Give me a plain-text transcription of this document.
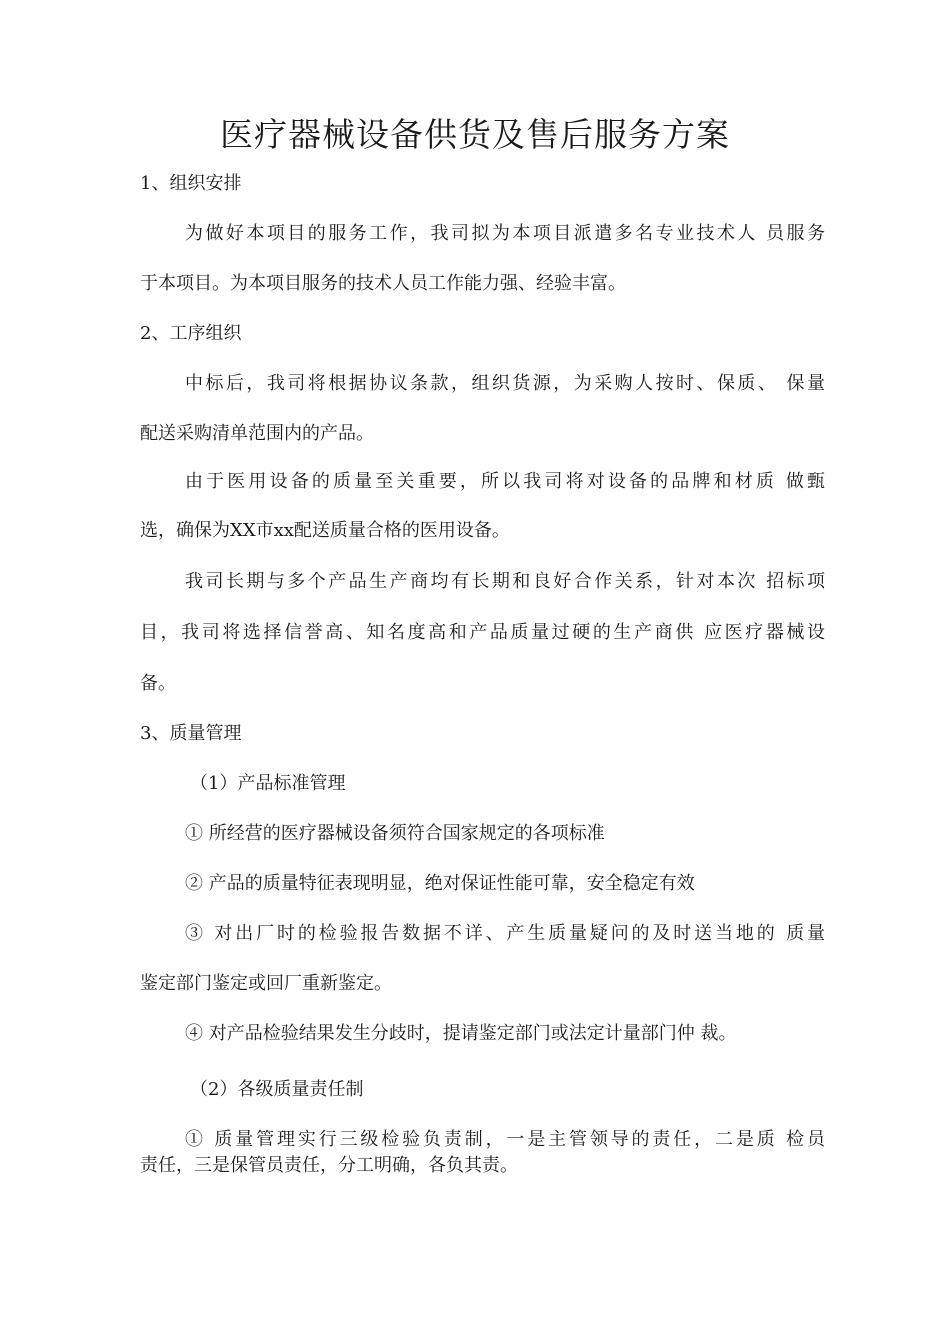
医疗器械设备供货及售后服务方案

1、组织安排

为做好本项目的服务工作，我司拟为本项目派遣多名专业技术人 员服务

于本项目。为本项目服务的技术人员工作能力强、经验丰富。

2、工序组织

中标后，我司将根据协议条款，组织货源，为采购人按时、保质、 保量

配送采购清单范围内的产品。

由于医用设备的质量至关重要，所以我司将对设备的品牌和材质 做甄

选，确保为XX市xx配送质量合格的医用设备。

我司长期与多个产品生产商均有长期和良好合作关系，针对本次 招标项

目，我司将选择信誉高、知名度高和产品质量过硬的生产商供 应医疗器械设

备。

3、质量管理

（1）产品标准管理

① 所经营的医疗器械设备须符合国家规定的各项标准

② 产品的质量特征表现明显，绝对保证性能可靠，安全稳定有效

③ 对出厂时的检验报告数据不详、产生质量疑问的及时送当地的 质量

鉴定部门鉴定或回厂重新鉴定。

④ 对产品检验结果发生分歧时，提请鉴定部门或法定计量部门仲 裁。

（2）各级质量责任制

① 质量管理实行三级检验负责制，一是主管领导的责任，二是质 检员

责任，三是保管员责任，分工明确，各负其责。
